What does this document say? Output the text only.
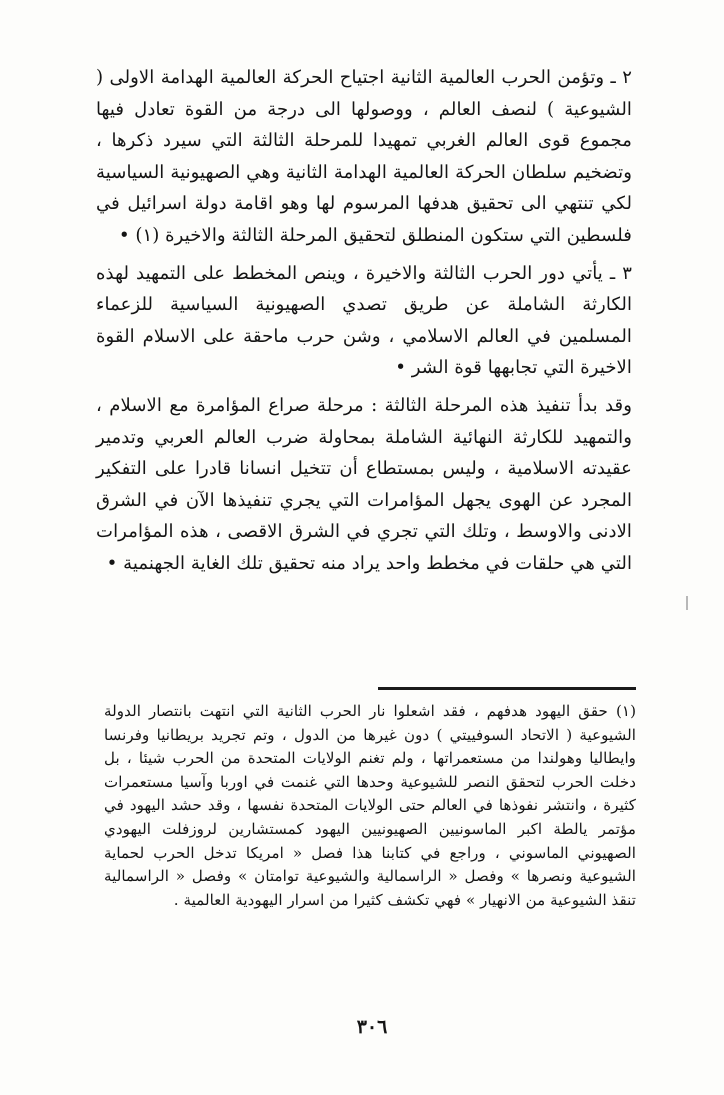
٢ ـ وتؤمن الحرب العالمية الثانية اجتياح الحركة العالمية الهدامة الاولى ( الشيوعية ) لنصف العالم ، ووصولها الى درجة من القوة تعادل فيها مجموع قوى العالم الغربي تمهيدا للمرحلة الثالثة التي سيرد ذكرها ، وتضخيم سلطان الحركة العالمية الهدامة الثانية وهي الصهيونية السياسية لكي تنتهي الى تحقيق هدفها المرسوم لها وهو اقامة دولة اسرائيل في فلسطين التي ستكون المنطلق لتحقيق المرحلة الثالثة والاخيرة (١) •

٣ ـ يأتي دور الحرب الثالثة والاخيرة ، وينص المخطط على التمهيد لهذه الكارثة الشاملة عن طريق تصدي الصهيونية السياسية للزعماء المسلمين في العالم الاسلامي ، وشن حرب ماحقة على الاسلام القوة الاخيرة التي تجابهها قوة الشر •

وقد بدأ تنفيذ هذه المرحلة الثالثة : مرحلة صراع المؤامرة مع الاسلام ، والتمهيد للكارثة النهائية الشاملة بمحاولة ضرب العالم العربي وتدمير عقيدته الاسلامية ، وليس بمستطاع أن تتخيل انسانا قادرا على التفكير المجرد عن الهوى يجهل المؤامرات التي يجري تنفيذها الآن في الشرق الادنى والاوسط ، وتلك التي تجري في الشرق الاقصى ، هذه المؤامرات التي هي حلقات في مخطط واحد يراد منه تحقيق تلك الغاية الجهنمية •

(١) حقق اليهود هدفهم ، فقد اشعلوا نار الحرب الثانية التي انتهت بانتصار الدولة الشيوعية ( الاتحاد السوفييتي ) دون غيرها من الدول ، وتم تجريد بريطانيا وفرنسا وايطاليا وهولندا من مستعمراتها ، ولم تغنم الولايات المتحدة من الحرب شيئا ، بل دخلت الحرب لتحقق النصر للشيوعية وحدها التي غنمت في اوربا وآسيا مستعمرات كثيرة ، وانتشر نفوذها في العالم حتى الولايات المتحدة نفسها ، وقد حشد اليهود في مؤتمر يالطة اكبر الماسونيين الصهيونيين اليهود كمستشارين لروزفلت اليهودي الصهيوني الماسوني ، وراجع في كتابنا هذا فصل « امريكا تدخل الحرب لحماية الشيوعية ونصرها » وفصل « الراسمالية والشيوعية توامتان » وفصل « الراسمالية تنقذ الشيوعية من الانهيار » فهي تكشف كثيرا من اسرار اليهودية العالمية .

٣٠٦
